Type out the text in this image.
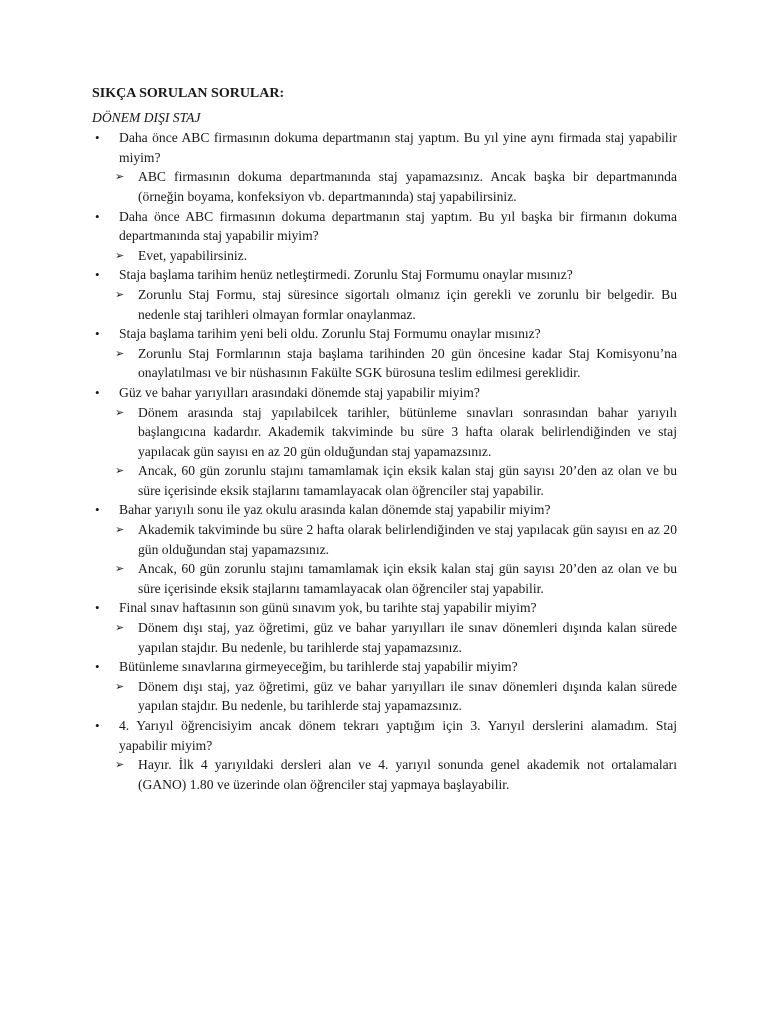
SIKÇA SORULAN SORULAR:
DÖNEM DIŞI STAJ
• Daha önce ABC firmasının dokuma departmanın staj yaptım. Bu yıl yine aynı firmada staj yapabilir miyim?
➢ ABC firmasının dokuma departmanında staj yapamazsınız. Ancak başka bir departmanında (örneğin boyama, konfeksiyon vb. departmanında) staj yapabilirsiniz.
• Daha önce ABC firmasının dokuma departmanın staj yaptım. Bu yıl başka bir firmanın dokuma departmanında staj yapabilir miyim?
➢ Evet, yapabilirsiniz.
• Staja başlama tarihim henüz netleştirmedi. Zorunlu Staj Formumu onaylar mısınız?
➢ Zorunlu Staj Formu, staj süresince sigortalı olmanız için gerekli ve zorunlu bir belgedir. Bu nedenle staj tarihleri olmayan formlar onaylanmaz.
• Staja başlama tarihim yeni beli oldu. Zorunlu Staj Formumu onaylar mısınız?
➢ Zorunlu Staj Formlarının staja başlama tarihinden 20 gün öncesine kadar Staj Komisyonu’na onaylatılması ve bir nüshasının Fakülte SGK bürosuna teslim edilmesi gereklidir.
• Güz ve bahar yarıyılları arasındaki dönemde staj yapabilir miyim?
➢ Dönem arasında staj yapılabilcek tarihler, bütünleme sınavları sonrasından bahar yarıyılı başlangıcına kadardır. Akademik takviminde bu süre 3 hafta olarak belirlendiğinden ve staj yapılacak gün sayısı en az 20 gün olduğundan staj yapamazsınız.
➢ Ancak, 60 gün zorunlu stajını tamamlamak için eksik kalan staj gün sayısı 20’den az olan ve bu süre içerisinde eksik stajlarını tamamlayacak olan öğrenciler staj yapabilir.
• Bahar yarıyılı sonu ile yaz okulu arasında kalan dönemde staj yapabilir miyim?
➢ Akademik takviminde bu süre 2 hafta olarak belirlendiğinden ve staj yapılacak gün sayısı en az 20 gün olduğundan staj yapamazsınız.
➢ Ancak, 60 gün zorunlu stajını tamamlamak için eksik kalan staj gün sayısı 20’den az olan ve bu süre içerisinde eksik stajlarını tamamlayacak olan öğrenciler staj yapabilir.
• Final sınav haftasının son günü sınavım yok, bu tarihte staj yapabilir miyim?
➢ Dönem dışı staj, yaz öğretimi, güz ve bahar yarıyılları ile sınav dönemleri dışında kalan sürede yapılan stajdır. Bu nedenle, bu tarihlerde staj yapamazsınız.
• Bütünleme sınavlarına girmeyeceğim, bu tarihlerde staj yapabilir miyim?
➢ Dönem dışı staj, yaz öğretimi, güz ve bahar yarıyılları ile sınav dönemleri dışında kalan sürede yapılan stajdır. Bu nedenle, bu tarihlerde staj yapamazsınız.
• 4. Yarıyıl öğrencisiyim ancak dönem tekrarı yaptığım için 3. Yarıyıl derslerini alamadım. Staj yapabilir miyim?
➢ Hayır. İlk 4 yarıyıldaki dersleri alan ve 4. yarıyıl sonunda genel akademik not ortalamaları (GANO) 1.80 ve üzerinde olan öğrenciler staj yapmaya başlayabilir.
